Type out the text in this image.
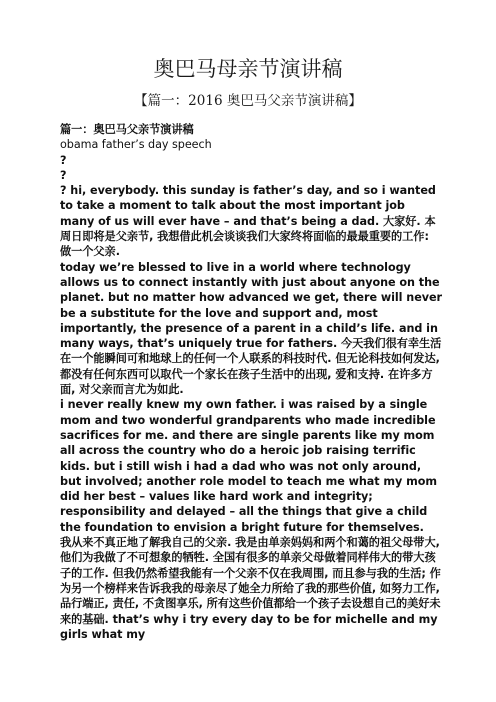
奥巴马母亲节演讲稿
【篇一：2016 奥巴马父亲节演讲稿】

篇一：奥巴马父亲节演讲稿

obama father’s day speech

?

?

? hi, everybody. this sunday is father’s day, and so i wanted to take a moment to talk about the most important job many of us will ever have – and that’s being a dad. 大家好. 本周日即将是父亲节, 我想借此机会谈谈我们大家终将面临的最最重要的工作: 做一个父亲.

today we’re blessed to live in a world where technology allows us to connect instantly with just about anyone on the planet. but no matter how advanced we get, there will never be a substitute for the love and support and, most importantly, the presence of a parent in a child’s life. and in many ways, that’s uniquely true for fathers. 今天我们很有幸生活在一个能瞬间可和地球上的任何一个人联系的科技时代. 但无论科技如何发达, 都没有任何东西可以取代一个家长在孩子生活中的出现, 爱和支持. 在许多方面, 对父亲而言尤为如此.

i never really knew my own father. i was raised by a single mom and two wonderful grandparents who made incredible sacrifices for me. and there are single parents like my mom all across the country who do a heroic job raising terrific kids. but i still wish i had a dad who was not only around, but involved; another role model to teach me what my mom did her best – values like hard work and integrity; responsibility and delayed – all the things that give a child the foundation to envision a bright future for themselves.

我从来不真正地了解我自己的父亲. 我是由单亲妈妈和两个和蔼的祖父母带大, 他们为我做了不可想象的牺牲. 全国有很多的单亲父母做着同样伟大的带大孩子的工作. 但我仍然希望我能有一个父亲不仅在我周围, 而且参与我的生活; 作为另一个榜样来告诉我我的母亲尽了她全力所给了我的那些价值, 如努力工作, 品行端正, 责任, 不贪图享乐, 所有这些价值都给一个孩子去设想自己的美好未来的基础. that’s why i try every day to be for michelle and my girls what my
